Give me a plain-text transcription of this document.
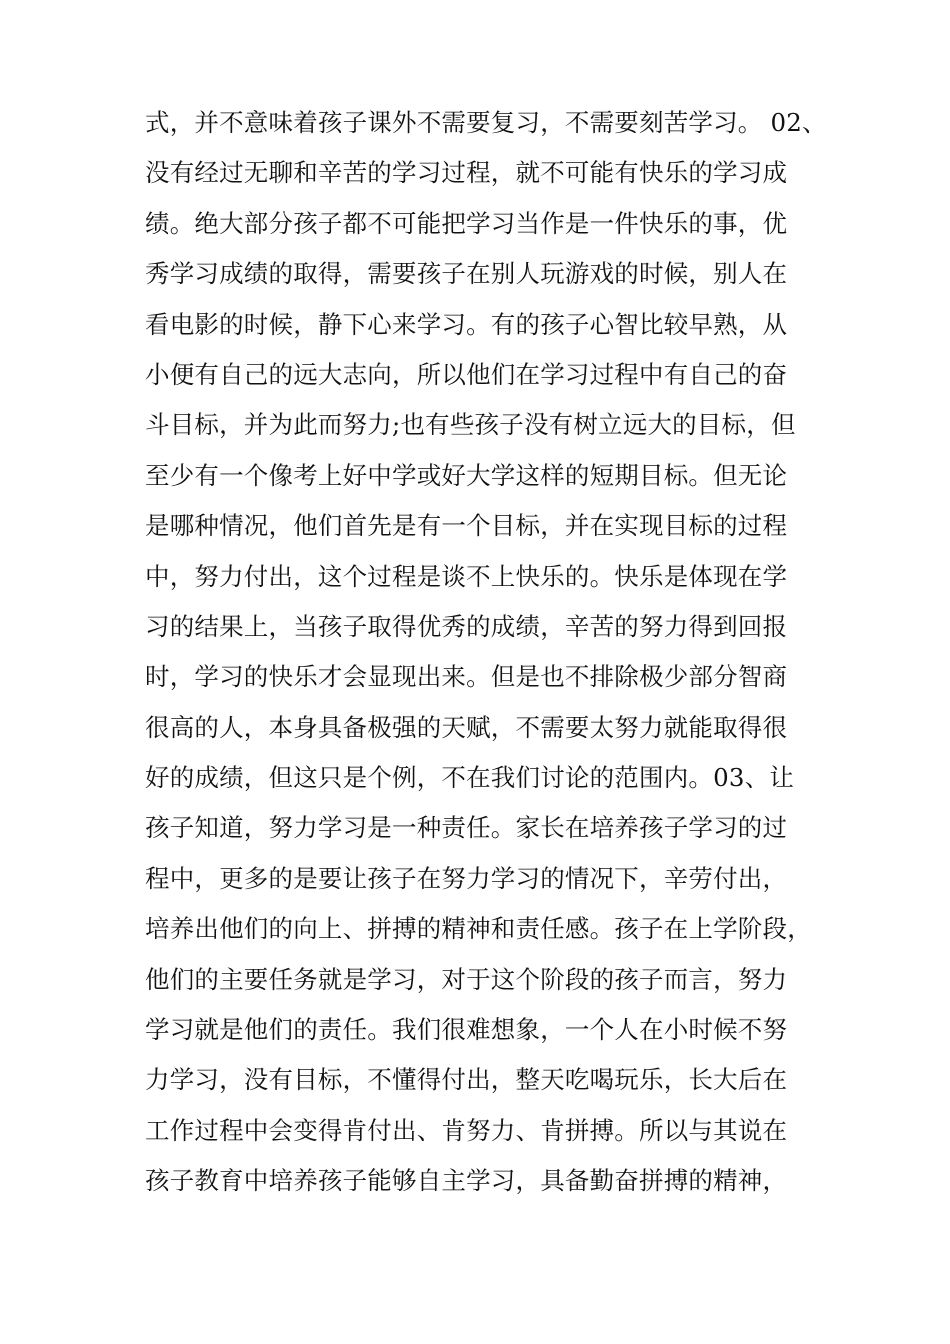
式，并不意味着孩子课外不需要复习，不需要刻苦学习。 02、
没有经过无聊和辛苦的学习过程，就不可能有快乐的学习成
绩。绝大部分孩子都不可能把学习当作是一件快乐的事，优
秀学习成绩的取得，需要孩子在别人玩游戏的时候，别人在
看电影的时候，静下心来学习。有的孩子心智比较早熟，从
小便有自己的远大志向，所以他们在学习过程中有自己的奋
斗目标，并为此而努力;也有些孩子没有树立远大的目标，但
至少有一个像考上好中学或好大学这样的短期目标。但无论
是哪种情况，他们首先是有一个目标，并在实现目标的过程
中，努力付出，这个过程是谈不上快乐的。快乐是体现在学
习的结果上，当孩子取得优秀的成绩，辛苦的努力得到回报
时，学习的快乐才会显现出来。但是也不排除极少部分智商
很高的人，本身具备极强的天赋，不需要太努力就能取得很
好的成绩，但这只是个例，不在我们讨论的范围内。03、让
孩子知道，努力学习是一种责任。家长在培养孩子学习的过
程中，更多的是要让孩子在努力学习的情况下，辛劳付出，
培养出他们的向上、拼搏的精神和责任感。孩子在上学阶段，
他们的主要任务就是学习，对于这个阶段的孩子而言，努力
学习就是他们的责任。我们很难想象，一个人在小时候不努
力学习，没有目标，不懂得付出，整天吃喝玩乐，长大后在
工作过程中会变得肯付出、肯努力、肯拼搏。所以与其说在
孩子教育中培养孩子能够自主学习，具备勤奋拼搏的精神，
